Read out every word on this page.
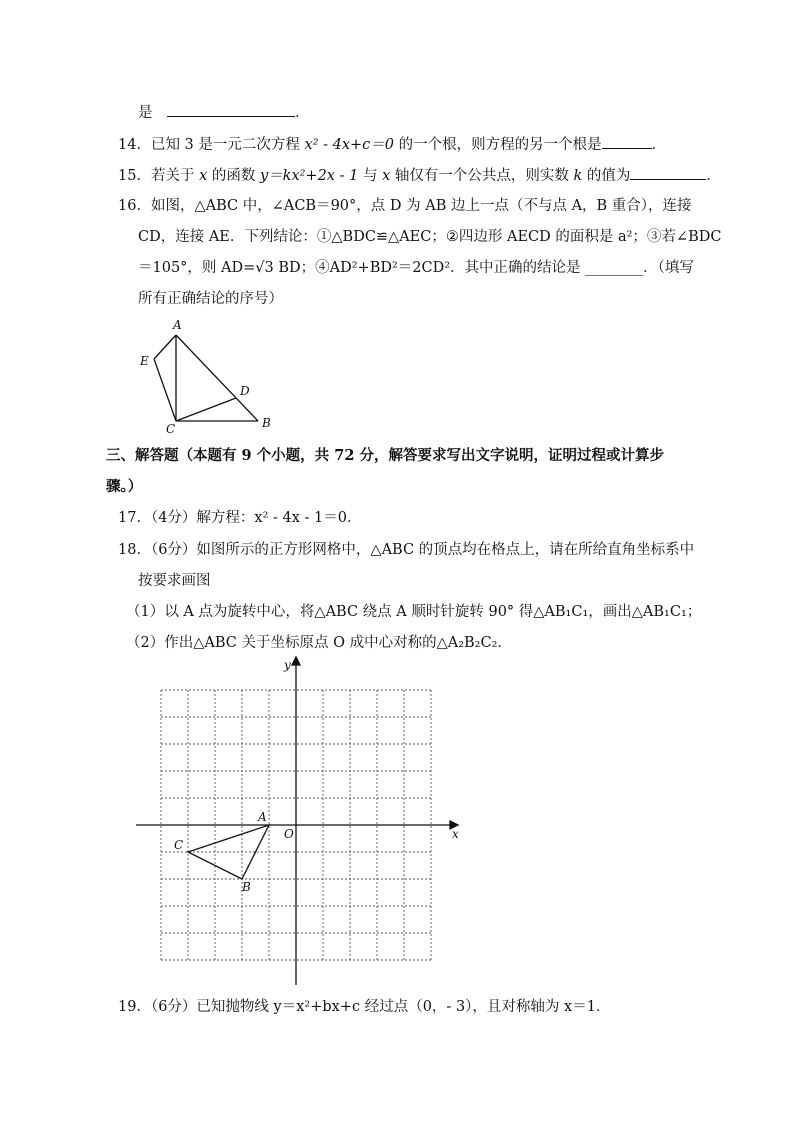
是	．
14．已知 3 是一元二次方程 x² - 4x+c＝0 的一个根，则方程的另一个根是	．
15．若关于 x 的函数 y＝kx²+2x - 1 与 x 轴仅有一个公共点，则实数 k 的值为	．
16．如图，△ABC 中，∠ACB＝90°，点 D 为 AB 边上一点（不与点 A，B 重合），连接
CD，连接 AE．下列结论：①△BDC≌△AEC；②四边形 AECD 的面积是 a²；③若∠BDC
＝105°，则 AD=√3 BD；④AD²+BD²＝2CD²．其中正确的结论是 ________．（填写
所有正确结论的序号）
A
E
D
C	B
三、解答题（本题有 9 个小题，共 72 分，解答要求写出文字说明，证明过程或计算步
骤。）
17．（4分）解方程：x² - 4x - 1＝0．
18．（6分）如图所示的正方形网格中，△ABC 的顶点均在格点上，请在所给直角坐标系中
按要求画图
（1）以 A 点为旋转中心，将△ABC 绕点 A 顺时针旋转 90° 得△AB₁C₁，画出△AB₁C₁；
（2）作出△ABC 关于坐标原点 O 成中心对称的△A₂B₂C₂．
y
x
O
A
C
B
19．（6分）已知抛物线 y＝x²+bx+c 经过点（0，- 3），且对称轴为 x＝1．
